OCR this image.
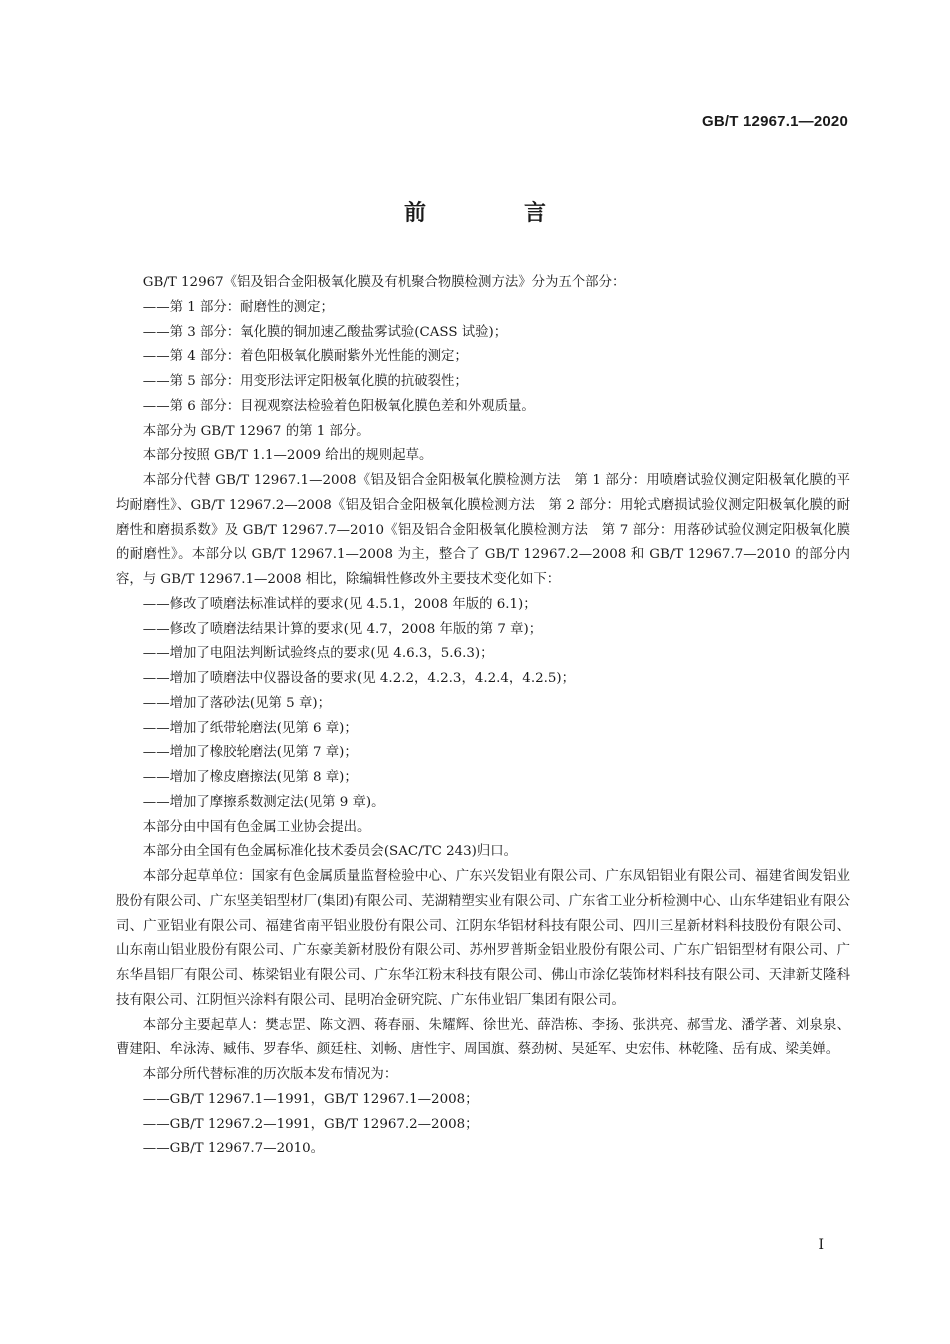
GB/T 12967.1—2020
前　言

GB/T 12967《铝及铝合金阳极氧化膜及有机聚合物膜检测方法》分为五个部分：

——第 1 部分：耐磨性的测定；

——第 3 部分：氧化膜的铜加速乙酸盐雾试验(CASS 试验)；

——第 4 部分：着色阳极氧化膜耐紫外光性能的测定；

——第 5 部分：用变形法评定阳极氧化膜的抗破裂性；

——第 6 部分：目视观察法检验着色阳极氧化膜色差和外观质量。

本部分为 GB/T 12967 的第 1 部分。

本部分按照 GB/T 1.1—2009 给出的规则起草。

本部分代替 GB/T 12967.1—2008《铝及铝合金阳极氧化膜检测方法　第 1 部分：用喷磨试验仪测定阳极氧化膜的平均耐磨性》、GB/T 12967.2—2008《铝及铝合金阳极氧化膜检测方法　第 2 部分：用轮式磨损试验仪测定阳极氧化膜的耐磨性和磨损系数》及 GB/T 12967.7—2010《铝及铝合金阳极氧化膜检测方法　第 7 部分：用落砂试验仪测定阳极氧化膜的耐磨性》。本部分以 GB/T 12967.1—2008 为主，整合了 GB/T 12967.2—2008 和 GB/T 12967.7—2010 的部分内容，与 GB/T 12967.1—2008 相比，除编辑性修改外主要技术变化如下：

——修改了喷磨法标准试样的要求(见 4.5.1，2008 年版的 6.1)；

——修改了喷磨法结果计算的要求(见 4.7，2008 年版的第 7 章)；

——增加了电阻法判断试验终点的要求(见 4.6.3，5.6.3)；

——增加了喷磨法中仪器设备的要求(见 4.2.2，4.2.3，4.2.4，4.2.5)；

——增加了落砂法(见第 5 章)；

——增加了纸带轮磨法(见第 6 章)；

——增加了橡胶轮磨法(见第 7 章)；

——增加了橡皮磨擦法(见第 8 章)；

——增加了摩擦系数测定法(见第 9 章)。

本部分由中国有色金属工业协会提出。

本部分由全国有色金属标准化技术委员会(SAC/TC 243)归口。

本部分起草单位：国家有色金属质量监督检验中心、广东兴发铝业有限公司、广东凤铝铝业有限公司、福建省闽发铝业股份有限公司、广东坚美铝型材厂(集团)有限公司、芜湖精塑实业有限公司、广东省工业分析检测中心、山东华建铝业有限公司、广亚铝业有限公司、福建省南平铝业股份有限公司、江阴东华铝材科技有限公司、四川三星新材料科技股份有限公司、山东南山铝业股份有限公司、广东豪美新材股份有限公司、苏州罗普斯金铝业股份有限公司、广东广铝铝型材有限公司、广东华昌铝厂有限公司、栋梁铝业有限公司、广东华江粉末科技有限公司、佛山市涂亿装饰材料科技有限公司、天津新艾隆科技有限公司、江阴恒兴涂料有限公司、昆明冶金研究院、广东伟业铝厂集团有限公司。

本部分主要起草人：樊志罡、陈文泗、蒋春丽、朱耀辉、徐世光、薛浩栋、李扬、张洪亮、郝雪龙、潘学著、刘泉泉、曹建阳、牟泳涛、臧伟、罗春华、颜廷柱、刘畅、唐性宇、周国旗、蔡劲树、吴延军、史宏伟、林乾隆、岳有成、梁美婵。

本部分所代替标准的历次版本发布情况为：

——GB/T 12967.1—1991，GB/T 12967.1—2008；

——GB/T 12967.2—1991，GB/T 12967.2—2008；

——GB/T 12967.7—2010。

I
